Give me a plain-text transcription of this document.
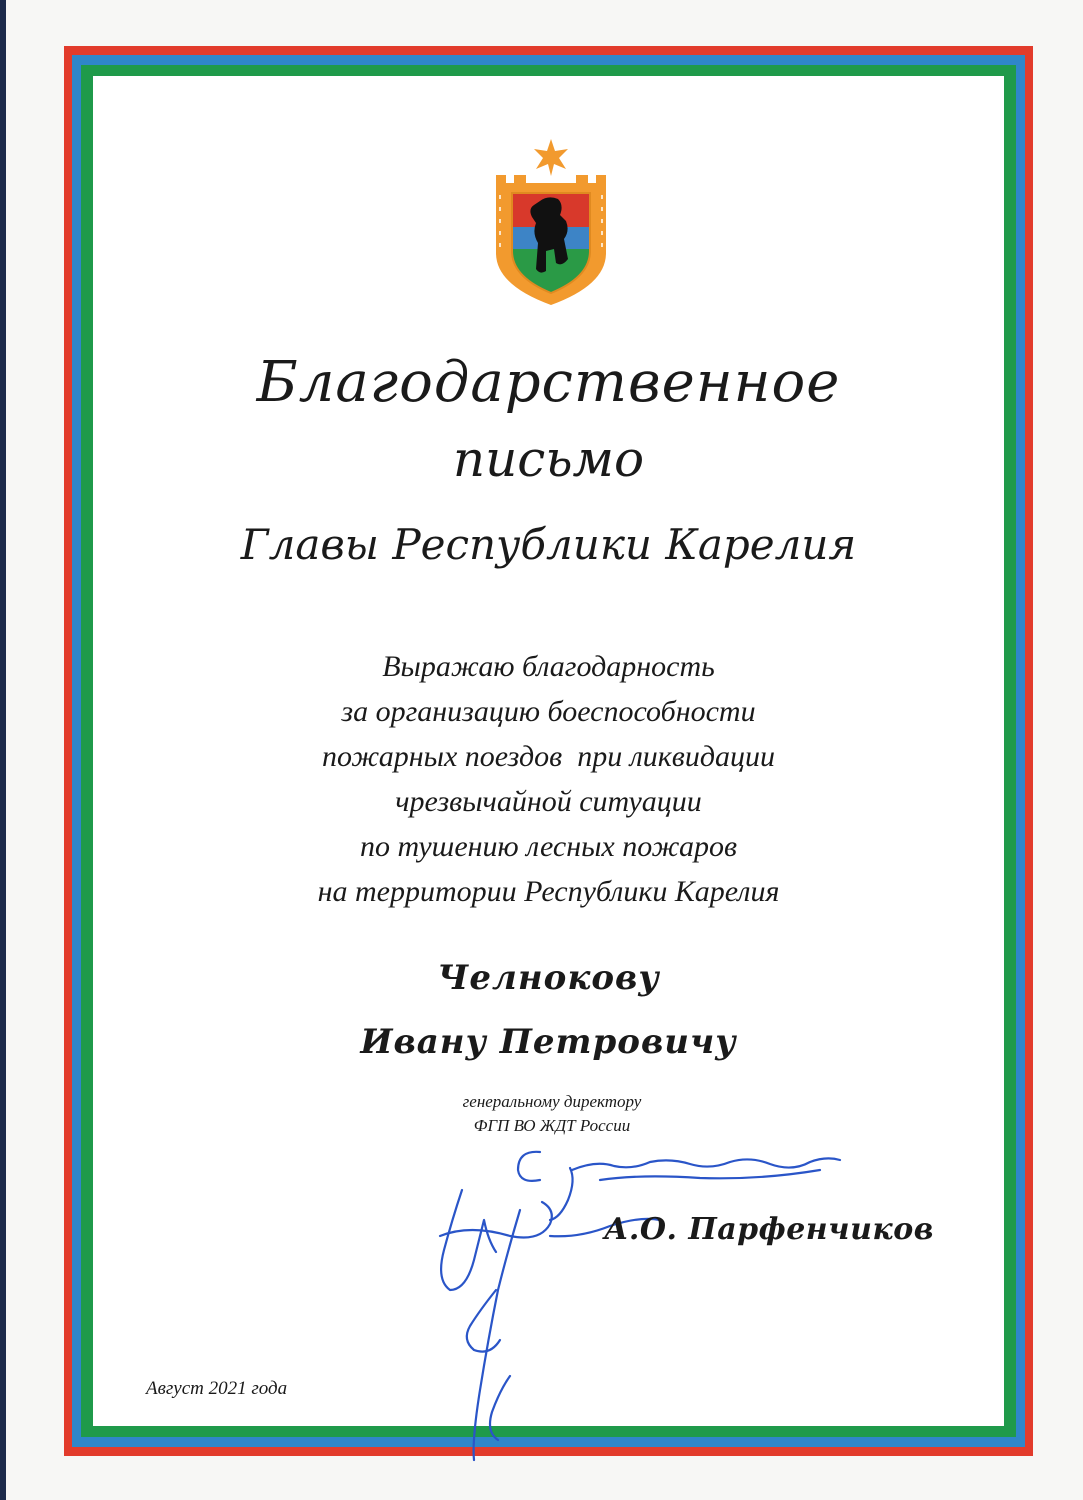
Благодарственное
письмо
Главы Республики Карелия
Выражаю благодарность
за организацию боеспособности
пожарных поездов  при ликвидации
чрезвычайной ситуации
по тушению лесных пожаров
на территории Республики Карелия
Челнокову
Ивану Петровичу
генеральному директору
ФГП ВО ЖДТ России
А.О. Парфенчиков
Август 2021 года
